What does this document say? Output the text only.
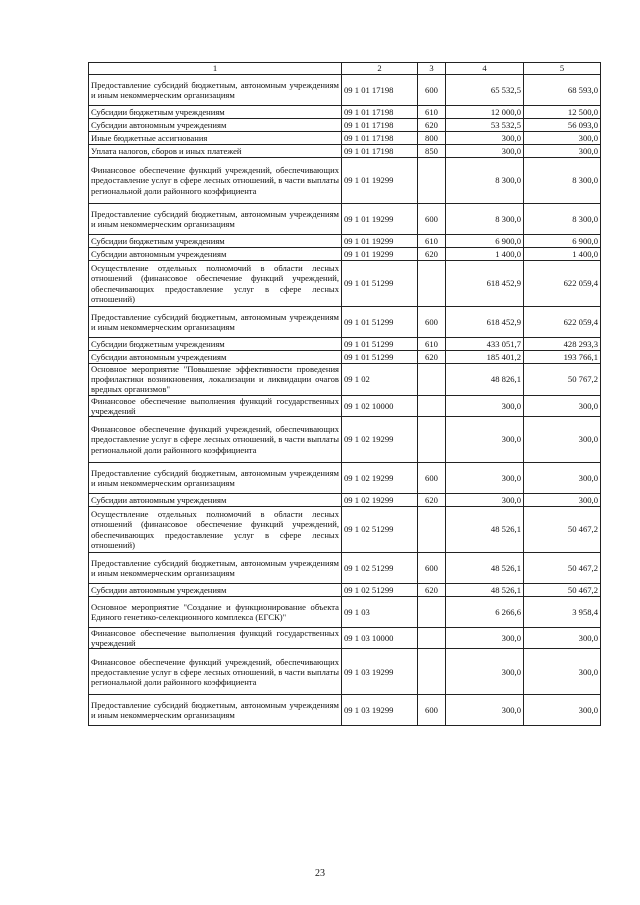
1	2	3	4	5
Предоставление субсидий бюджетным, автономным учреждениям и иным некоммерческим организациям	09 1 01 17198	600	65 532,5	68 593,0
Субсидии бюджетным учреждениям	09 1 01 17198	610	12 000,0	12 500,0
Субсидии автономным учреждениям	09 1 01 17198	620	53 532,5	56 093,0
Иные бюджетные ассигнования	09 1 01 17198	800	300,0	300,0
Уплата налогов, сборов и иных платежей	09 1 01 17198	850	300,0	300,0
Финансовое обеспечение функций учреждений, обеспечивающих предоставление услуг в сфере лесных отношений, в части выплаты региональной доли районного коэффициента	09 1 01 19299		8 300,0	8 300,0
Предоставление субсидий бюджетным, автономным учреждениям и иным некоммерческим организациям	09 1 01 19299	600	8 300,0	8 300,0
Субсидии бюджетным учреждениям	09 1 01 19299	610	6 900,0	6 900,0
Субсидии автономным учреждениям	09 1 01 19299	620	1 400,0	1 400,0
Осуществление отдельных полномочий в области лесных отношений (финансовое обеспечение функций учреждений, обеспечивающих предоставление услуг в сфере лесных отношений)	09 1 01 51299		618 452,9	622 059,4
Предоставление субсидий бюджетным, автономным учреждениям и иным некоммерческим организациям	09 1 01 51299	600	618 452,9	622 059,4
Субсидии бюджетным учреждениям	09 1 01 51299	610	433 051,7	428 293,3
Субсидии автономным учреждениям	09 1 01 51299	620	185 401,2	193 766,1
Основное мероприятие "Повышение эффективности проведения профилактики возникновения, локализации и ликвидации очагов вредных организмов"	09 1 02		48 826,1	50 767,2
Финансовое обеспечение выполнения функций государственных учреждений	09 1 02 10000		300,0	300,0
Финансовое обеспечение функций учреждений, обеспечивающих предоставление услуг в сфере лесных отношений, в части выплаты региональной доли районного коэффициента	09 1 02 19299		300,0	300,0
Предоставление субсидий бюджетным, автономным учреждениям и иным некоммерческим организациям	09 1 02 19299	600	300,0	300,0
Субсидии автономным учреждениям	09 1 02 19299	620	300,0	300,0
Осуществление отдельных полномочий в области лесных отношений (финансовое обеспечение функций учреждений, обеспечивающих предоставление услуг в сфере лесных отношений)	09 1 02 51299		48 526,1	50 467,2
Предоставление субсидий бюджетным, автономным учреждениям и иным некоммерческим организациям	09 1 02 51299	600	48 526,1	50 467,2
Субсидии автономным учреждениям	09 1 02 51299	620	48 526,1	50 467,2
Основное мероприятие "Создание и функционирование объекта Единого генетико-селекционного комплекса (ЕГСК)"	09 1 03		6 266,6	3 958,4
Финансовое обеспечение выполнения функций государственных учреждений	09 1 03 10000		300,0	300,0
Финансовое обеспечение функций учреждений, обеспечивающих предоставление услуг в сфере лесных отношений, в части выплаты региональной доли районного коэффициента	09 1 03 19299		300,0	300,0
Предоставление субсидий бюджетным, автономным учреждениям и иным некоммерческим организациям	09 1 03 19299	600	300,0	300,0
23
